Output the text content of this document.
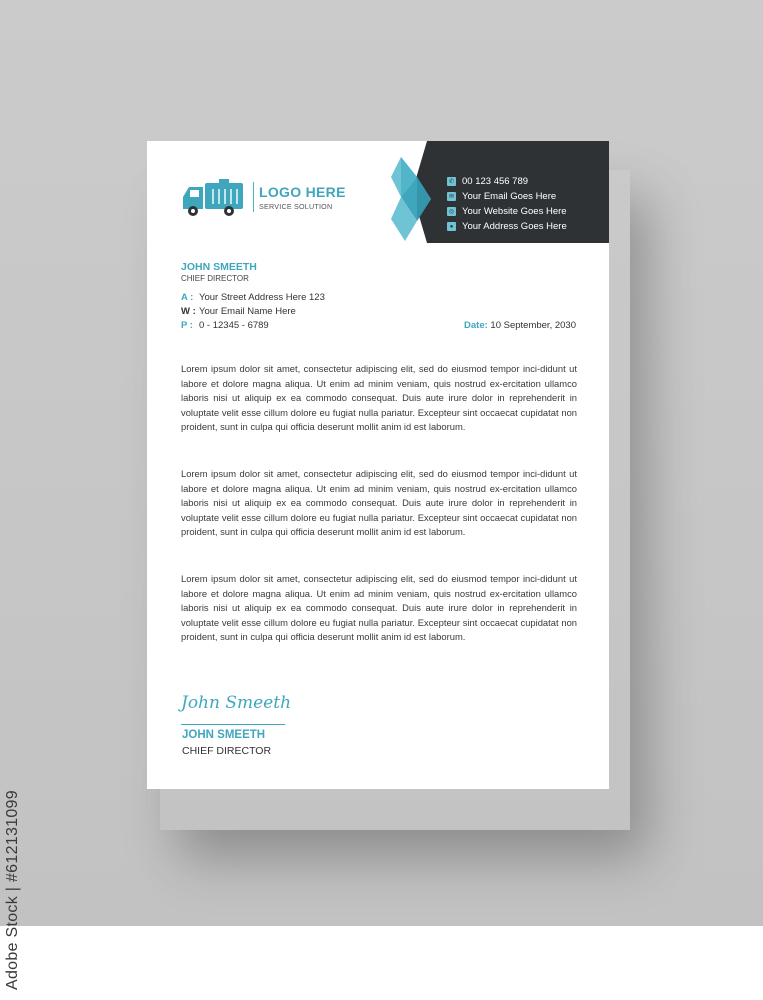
Adobe Stock | #612131099
✆ 00 123 456 789
✉ Your Email Goes Here
◎ Your Website Goes Here
● Your Address Goes Here
LOGO HERE
SERVICE SOLUTION
JOHN SMEETH
CHIEF DIRECTOR
A : Your Street Address Here 123
W : Your Email Name Here
P : 0 - 12345 - 6789	Date: 10 September, 2030

Lorem ipsum dolor sit amet, consectetur adipiscing elit, sed do eiusmod tempor inci-didunt ut labore et dolore magna aliqua. Ut enim ad minim veniam, quis nostrud ex-ercitation ullamco laboris nisi ut aliquip ex ea commodo consequat. Duis aute irure dolor in reprehenderit in voluptate velit esse cillum dolore eu fugiat nulla pariatur. Excepteur sint occaecat cupidatat non proident, sunt in culpa qui officia deserunt mollit anim id est laborum.

Lorem ipsum dolor sit amet, consectetur adipiscing elit, sed do eiusmod tempor inci-didunt ut labore et dolore magna aliqua. Ut enim ad minim veniam, quis nostrud ex-ercitation ullamco laboris nisi ut aliquip ex ea commodo consequat. Duis aute irure dolor in reprehenderit in voluptate velit esse cillum dolore eu fugiat nulla pariatur. Excepteur sint occaecat cupidatat non proident, sunt in culpa qui officia deserunt mollit anim id est laborum.

Lorem ipsum dolor sit amet, consectetur adipiscing elit, sed do eiusmod tempor inci-didunt ut labore et dolore magna aliqua. Ut enim ad minim veniam, quis nostrud ex-ercitation ullamco laboris nisi ut aliquip ex ea commodo consequat. Duis aute irure dolor in reprehenderit in voluptate velit esse cillum dolore eu fugiat nulla pariatur. Excepteur sint occaecat cupidatat non proident, sunt in culpa qui officia deserunt mollit anim id est laborum.

John Smeeth
JOHN SMEETH
CHIEF DIRECTOR
